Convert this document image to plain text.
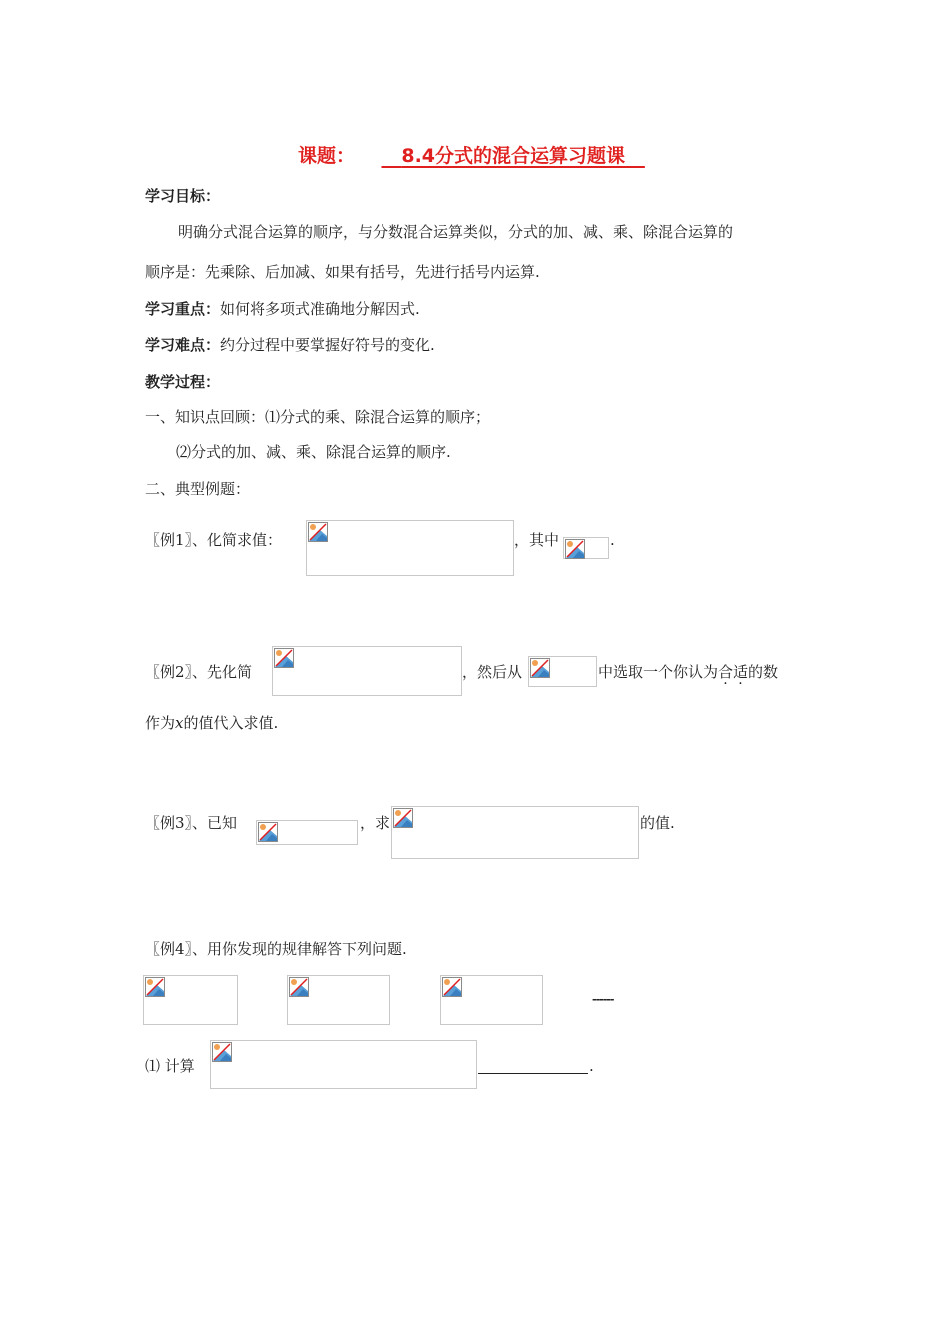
课题： 8.4分式的混合运算习题课
学习目标：
明确分式混合运算的顺序，与分数混合运算类似，分式的加、减、乘、除混合运算的
顺序是：先乘除、后加减、如果有括号，先进行括号内运算.
学习重点：如何将多项式准确地分解因式.
学习难点：约分过程中要掌握好符号的变化.
教学过程：
一、知识点回顾：⑴分式的乘、除混合运算的顺序；
⑵分式的加、减、乘、除混合运算的顺序.
二、典型例题：
〖例1〗、化简求值：	，其中	.
〖例2〗、先化简	，然后从	中选取一个你认为合适的数
作为x的值代入求值.
〖例3〗、已知	，求	的值.
〖例4〗、用你发现的规律解答下列问题.
------
⑴ 计算	.
